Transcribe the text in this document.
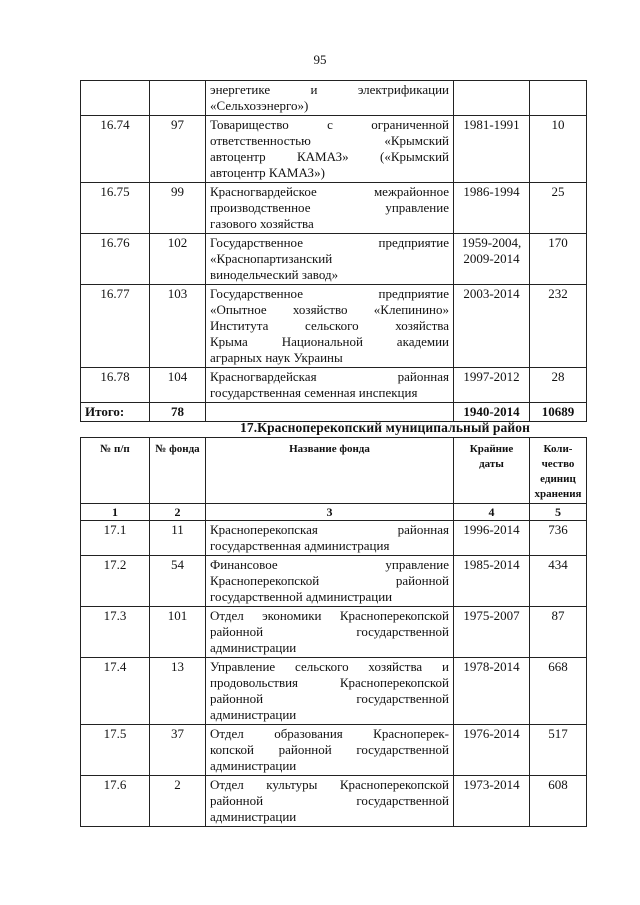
95

		энергетике и электрификации
«Сельхозэнерго»)		

16.74	97	Товарищество с ограниченной
ответственностью «Крымский
автоцентр КАМАЗ» («Крымский
автоцентр КАМАЗ»)	1981-1991	10
16.75	99	Красногвардейское межрайонное
производственное управление
газового хозяйства	1986-1994	25
16.76	102	Государственное предприятие
«Краснопартизанский
винодельческий завод»	1959-2004, 2009-2014	170
16.77	103	Государственное предприятие
«Опытное хозяйство «Клепинино»
Института сельского хозяйства
Крыма Национальной академии
аграрных наук Украины	2003-2014	232
16.78	104	Красногвардейская районная
государственная семенная инспекция	1997-2012	28
Итого:	78		1940-2014	10689
17.Красноперекопский муниципальный район
№ п/п	№ фонда	Название фонда	Крайние даты	Коли-чество единиц хранения
1	2	3	4	5
17.1	11	Красноперекопская районная
государственная администрация	1996-2014	736
17.2	54	Финансовое управление
Красноперекопской районной
государственной администрации	1985-2014	434
17.3	101	Отдел экономики Красноперекопской
районной государственной
администрации	1975-2007	87
17.4	13	Управление сельского хозяйства и
продовольствия Красноперекопской
районной государственной
администрации	1978-2014	668
17.5	37	Отдел образования Красноперек-
копской районной государственной
администрации	1976-2014	517
17.6	2	Отдел культуры Красноперекопской
районной государственной
администрации	1973-2014	608
